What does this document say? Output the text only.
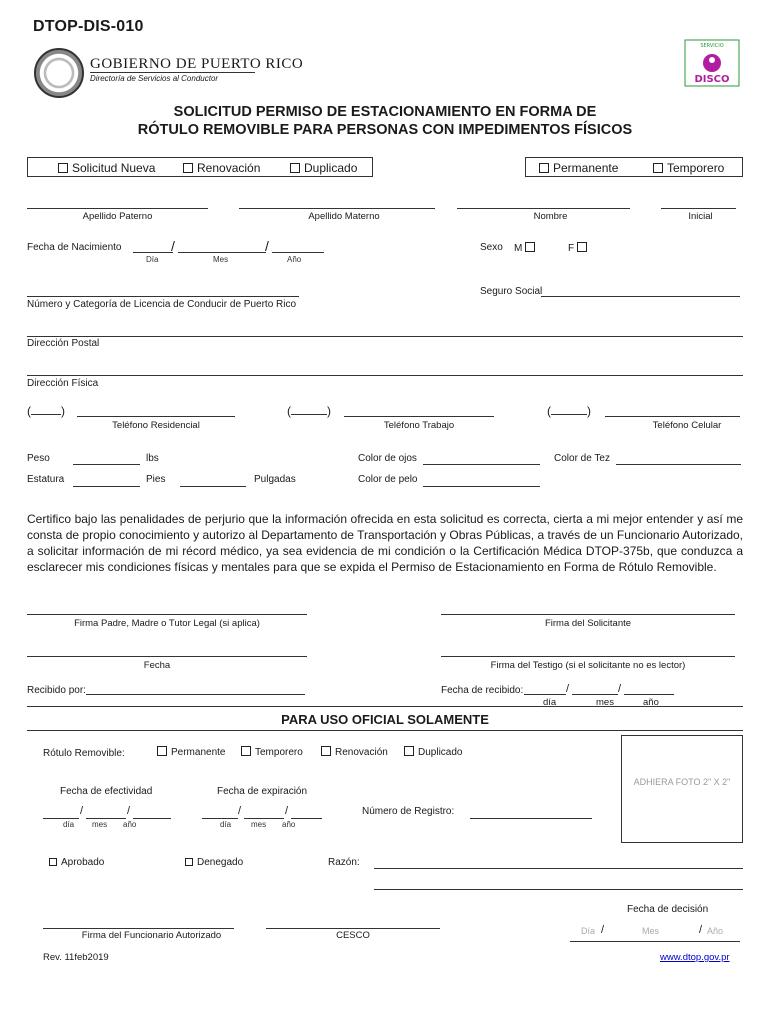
DTOP-DIS-010
GOBIERNO DE PUERTO RICO
Directoría de Servicios al Conductor
SERVICIO
DISCO
SOLICITUD PERMISO DE ESTACIONAMIENTO EN FORMA DE
RÓTULO REMOVIBLE PARA PERSONAS CON IMPEDIMENTOS FÍSICOS
Solicitud Nueva	Renovación	Duplicado	Permanente	Temporero
Apellido Paterno	Apellido Materno	Nombre	Inicial
Fecha de Nacimiento	/	/
Día	Mes	Año
Sexo M	F
Número y Categoría de Licencia de Conducir de Puerto Rico
Seguro Social
Dirección Postal
Dirección Física
(	)
Teléfono Residencial
(	)
Teléfono Trabajo
(	)
Teléfono Celular
Peso	lbs
Estatura	Pies	Pulgadas
Color de ojos
Color de pelo
Color de Tez
Certifico bajo las penalidades de perjurio que la información ofrecida en esta solicitud es correcta, cierta a mi mejor entender y así me consta de propio conocimiento y autorizo al Departamento de Transportación y Obras Públicas, a través de un Funcionario Autorizado, a solicitar información de mi récord médico, ya sea evidencia de mi condición o la Certificación Médica DTOP-375b, que conduzca a esclarecer mis condiciones físicas y mentales para que se expida el Permiso de Estacionamiento en Forma de Rótulo Removible.
Firma Padre, Madre o Tutor Legal (si aplica)	Firma del Solicitante
Fecha	Firma del Testigo (si el solicitante no es lector)
Recibido por:	Fecha de recibido:	/	/
día	mes	año
PARA USO OFICIAL SOLAMENTE
Rótulo Removible:	Permanente	Temporero	Renovación	Duplicado
ADHIERA FOTO 2" X 2"
Fecha de efectividad
/	/
día mes año
Fecha de expiración
/	/
día mes año
Número de Registro:
Aprobado	Denegado	Razón:
Fecha de decisión
Día /	Mes	/ Año
Firma del Funcionario Autorizado	CESCO
Rev. 11feb2019	www.dtop.gov.pr
